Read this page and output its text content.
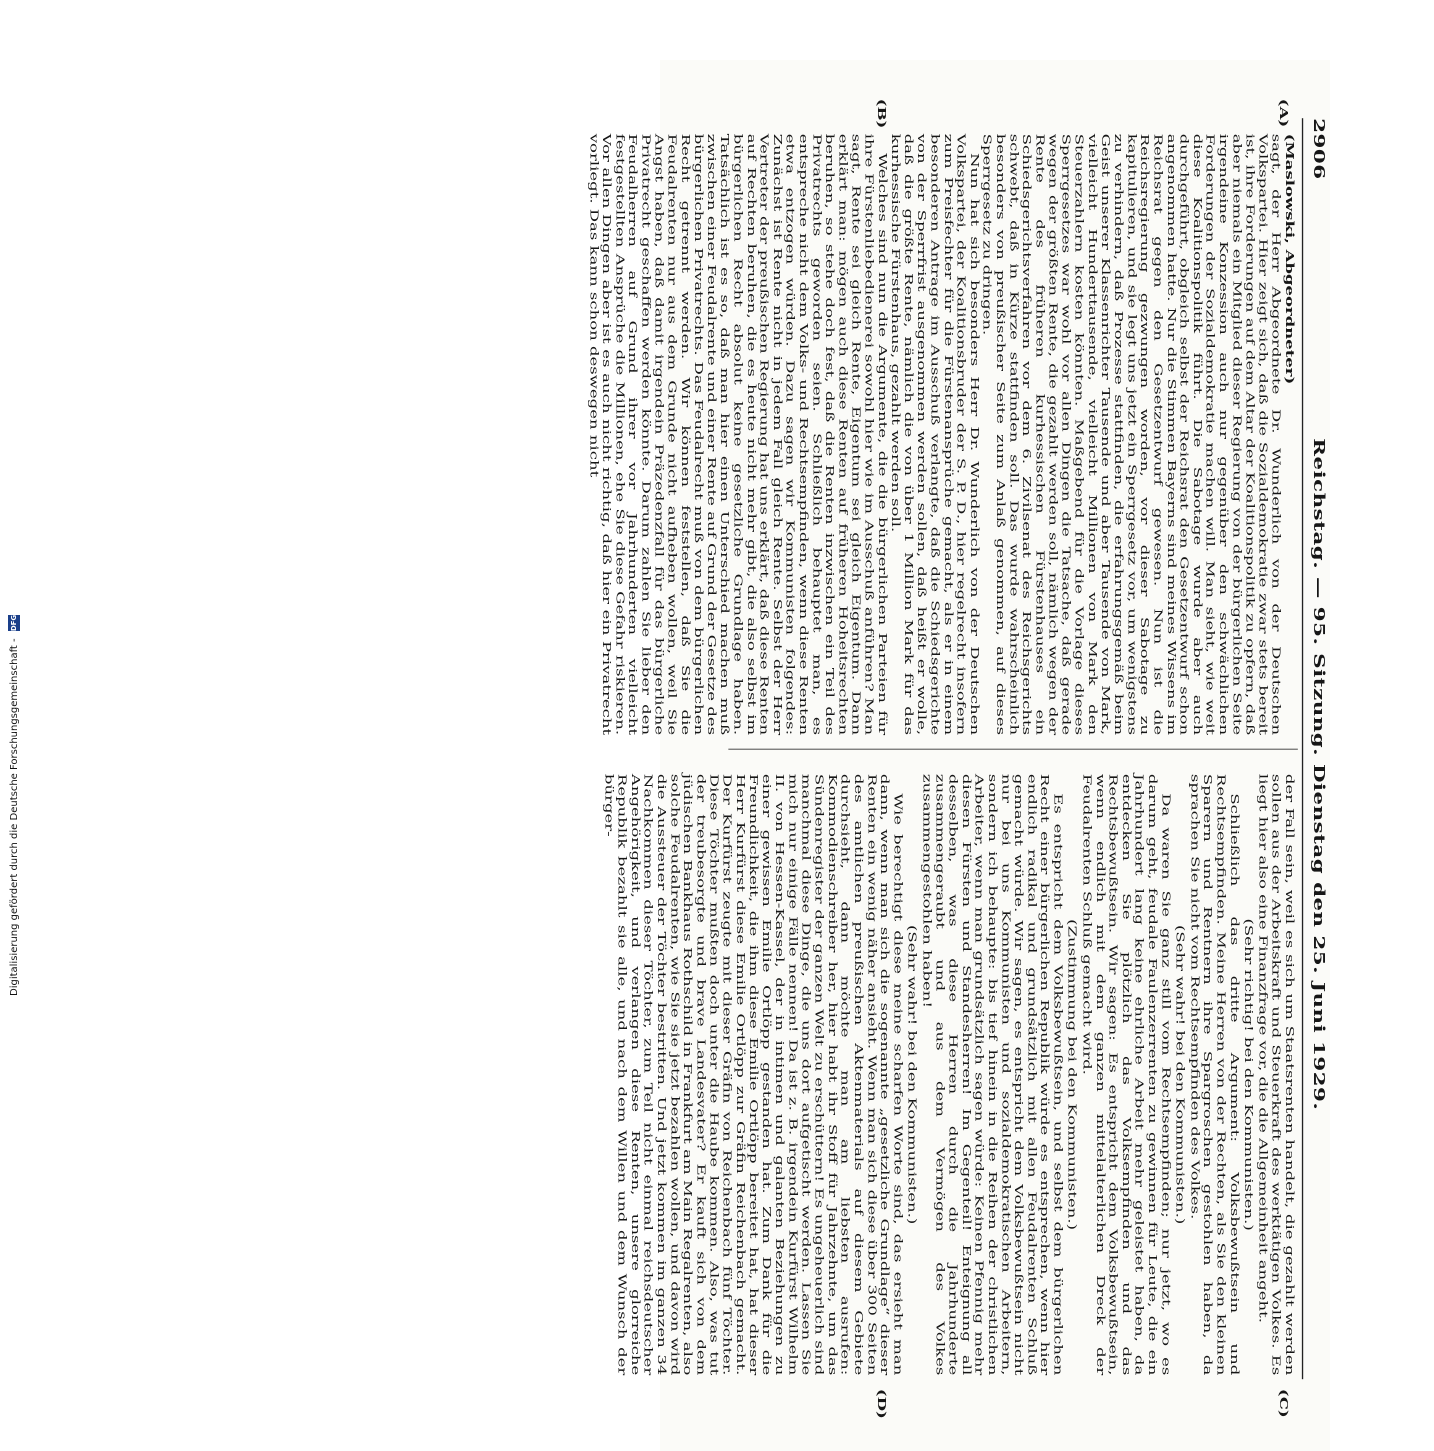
2906
Reichstag. — 95. Sitzung. Dienstag den 25. Juni 1929.
(A)
(B)
(C)
(D)

(Maslowski, Abgeordneter)

sagt, der Herr Abgeordnete Dr. Wunderlich von der Deutschen Volkspartei. Hier zeigt sich, daß die Sozialdemokratie zwar stets bereit ist, ihre Forderungen auf dem Altar der Koalitionspolitik zu opfern, daß aber niemals ein Mitglied dieser Regierung von der bürgerlichen Seite irgendeine Konzession auch nur gegenüber den schwächlichen Forderungen der Sozialdemokratie machen will. Man sieht, wie weit diese Koalitionspolitik führt. Die Sabotage wurde aber auch durchgeführt, obgleich selbst der Reichsrat den Gesetzentwurf schon angenommen hatte. Nur die Stimmen Bayerns sind meines Wissens im Reichsrat gegen den Gesetzentwurf gewesen. Nun ist die Reichsregierung gezwungen worden, vor dieser Sabotage zu kapitulieren, und sie legt uns jetzt ein Sperrgesetz vor, um wenigstens zu verhindern, daß Prozesse stattfinden, die erfahrungsgemäß beim Geist unserer Klassenrichter Tausende und aber Tausende von Mark, vielleicht Hunderttausende, vielleicht Millionen von Mark den Steuerzahlern kosten könnten. Maßgebend für die Vorlage dieses Sperrgesetzes war wohl vor allen Dingen die Tatsache, daß gerade wegen der größten Rente, die gezahlt werden soll, nämlich wegen der Rente des früheren kurhessischen Fürstenhauses ein Schiedsgerichtsverfahren vor dem 6. Zivilsenat des Reichsgerichts schwebt, daß in Kürze stattfinden soll. Das wurde wahrscheinlich besonders von preußischer Seite zum Anlaß genommen, auf dieses Sperrgesetz zu dringen.

Nun hat sich besonders Herr Dr. Wunderlich von der Deutschen Volkspartei, der Koalitionsbruder der S. P. D., hier regelrecht insofern zum Preisfechter für die Fürstenansprüche gemacht, als er in einem besonderen Antrage im Ausschuß verlangte, daß die Schiedsgerichte von der Sperrfrist ausgenommen werden sollen, daß heißt er wolle, daß die größte Rente, nämlich die von über 1 Million Mark für das kurhessische Fürstenhaus, gezahlt werden soll.

Welches sind nun die Argumente, die die bürgerlichen Parteien für ihre Fürstenliebedienerei sowohl hier wie im Ausschuß anführen? Man sagt, Rente sei gleich Rente, Eigentum sei gleich Eigentum. Dann erklärt man: mögen auch diese Renten auf früheren Hoheitsrechten beruhen, so stehe doch fest, daß die Renten inzwischen ein Teil des Privatrechts geworden seien. Schließlich behauptet man, es entspreche nicht dem Volks- und Rechtsempfinden, wenn diese Renten etwa entzogen würden. Dazu sagen wir Kommunisten folgendes: Zunächst ist Rente nicht in jedem Fall gleich Rente. Selbst der Herr Vertreter der preußischen Regierung hat uns erklärt, daß diese Renten auf Rechten beruhen, die es heute nicht mehr gibt, die also selbst im bürgerlichen Recht absolut keine gesetzliche Grundlage haben. Tatsächlich ist es so, daß man hier einen Unterschied machen muß zwischen einer Feudalrente und einer Rente auf Grund der Gesetze des bürgerlichen Privatrechts. Das Feudalrecht muß von dem bürgerlichen Recht getrennt werden. Wir können feststellen, daß Sie die Feudalrenten nur aus dem Grunde nicht aufheben wollen, weil Sie Angst haben, daß damit irgendein Präzedenzfall für das bürgerliche Privatrecht geschaffen werden könnte. Darum zahlen Sie lieber den Feudalherren auf Grund ihrer vor Jahrhunderten vielleicht festgestellten Ansprüche die Millionen, ehe Sie diese Gefahr riskieren. Vor allen Dingen aber ist es auch nicht richtig, daß hier ein Privatrecht vorliegt. Das kann schon deswegen nicht

der Fall sein, weil es sich um Staatsrenten handelt, die gezahlt werden sollen aus der Arbeitskraft und Steuerkraft des werktätigen Volkes. Es liegt hier also eine Finanzfrage vor, die die Allgemeinheit angeht.

(Sehr richtig! bei den Kommunisten.)

Schließlich das dritte Argument: Volksbewußtsein und Rechtsempfinden. Meine Herren von der Rechten, als Sie den kleinen Sparern und Rentnern ihre Spargroschen gestohlen haben, da sprachen Sie nicht vom Rechtsempfinden des Volkes.

(Sehr wahr! bei den Kommunisten.)

Da waren Sie ganz still vom Rechtsempfinden; nur jetzt, wo es darum geht, feudale Faulenzerrenten zu gewinnen für Leute, die ein Jahrhundert lang keine ehrliche Arbeit mehr geleistet haben, da entdecken Sie plötzlich das Volksempfinden und das Rechtsbewußtsein. Wir sagen: Es entspricht dem Volksbewußtsein, wenn endlich mit dem ganzen mittelalterlichen Dreck der Feudalrenten Schluß gemacht wird.

(Zustimmung bei den Kommunisten.)

Es entspricht dem Volksbewußtsein, und selbst dem bürgerlichen Recht einer bürgerlichen Republik würde es entsprechen, wenn hier endlich radikal und grundsätzlich mit allen Feudalrenten Schluß gemacht würde. Wir sagen, es entspricht dem Volksbewußtsein nicht nur bei uns Kommunisten und sozialdemokratischen Arbeitern, sondern ich behaupte: bis tief hinein in die Reihen der christlichen Arbeiter, wenn man grundsätzlich sagen würde: Keinen Pfennig mehr diesen Fürsten und Standesherren! Im Gegenteil! Enteignung all desselben, was diese Herren durch die Jahrhunderte zusammengeraubt und aus dem Vermögen des Volkes zusammengestohlen haben!

(Sehr wahr! bei den Kommunisten.)

Wie berechtigt diese meine scharfen Worte sind, das ersieht man dann, wenn man sich die sogenannte „gesetzliche Grundlage“ dieser Renten ein wenig näher ansieht. Wenn man sich diese über 300 Seiten des amtlichen preußischen Aktenmaterials auf diesem Gebiete durchsieht, dann möchte man am liebsten ausrufen: Kommodienschreiber her, hier habt ihr Stoff für Jahrzehnte, um das Sündenregister der ganzen Welt zu erschüttern! Es ungeheuerlich sind manchmal diese Dinge, die uns dort aufgetischt werden. Lassen Sie mich nur einige Fälle nennen! Da ist z. B. irgendein Kurfürst Wilhelm II. von Hessen-Kassel, der in intimen und galanten Beziehungen zu einer gewissen Emilie Ortlöpp gestanden hat. Zum Dank für die Freundlichkeit, die ihm diese Emilie Ortlöpp bereitet hat, hat dieser Herr Kurfürst diese Emilie Ortlöpp zur Gräfin Reichenbach gemacht. Der Kurfürst zeugte mit dieser Gräfin von Reichenbach fünf Töchter. Diese Töchter mußten doch unter die Haube kommen. Also, was tut der treubesorgte und brave Landesvater? Er kauft sich von dem jüdischen Bankhaus Rothschild in Frankfurt am Main Regalrenten, also solche Feudalrenten, wie Sie sie jetzt bezahlen wollen, und davon wird die Aussteuer der Töchter bestritten. Und jetzt kommen im ganzen 34 Nachkommen dieser Töchter, zum Teil nicht einmal reichsdeutscher Angehörigkeit, und verlangen diese Renten, unsere glorreiche Republik bezahlt sie alle, und nach dem Willen und dem Wunsch der bürger-

Digitalisierung gefördert durch die Deutsche Forschungsgemeinschaft - DFG
